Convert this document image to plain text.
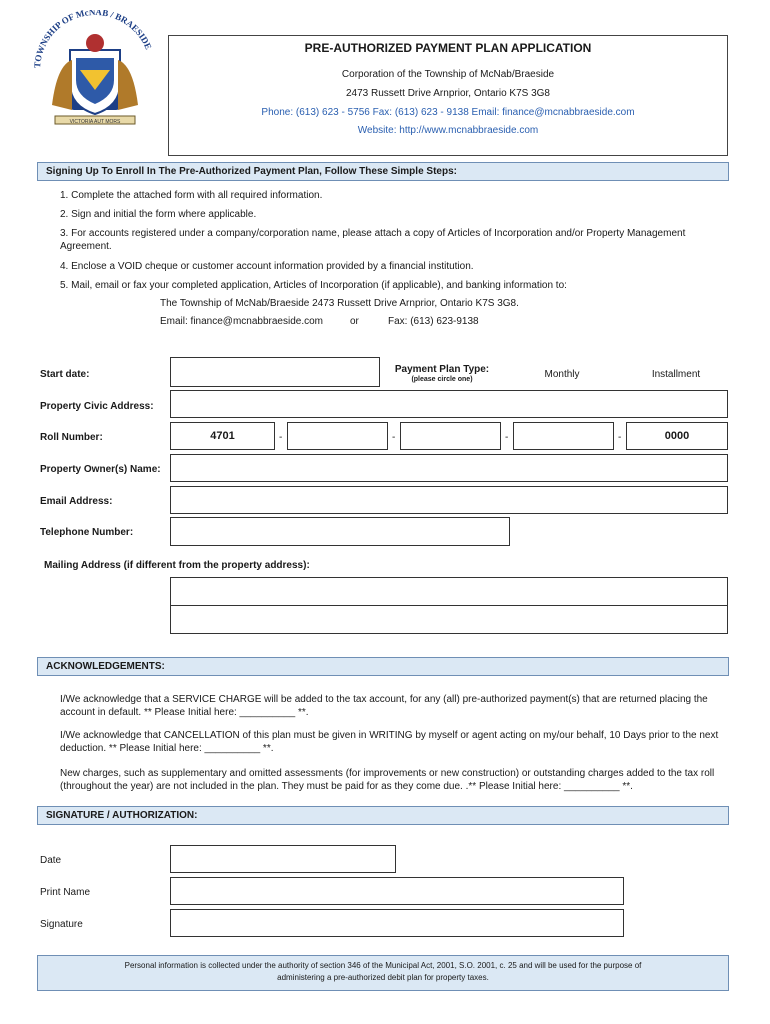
TOWNSHIP OF McNAB / BRAESIDE
VICTORIA AUT MORS
PRE-AUTHORIZED PAYMENT PLAN APPLICATION
Corporation of the Township of McNab/Braeside
2473 Russett Drive Arnprior, Ontario K7S 3G8
Phone: (613) 623 - 5756 Fax: (613) 623 - 9138 Email: finance@mcnabbraeside.com
Website: http://www.mcnabbraeside.com
Signing Up To Enroll In The Pre-Authorized Payment Plan, Follow These Simple Steps:
1. Complete the attached form with all required information.
2. Sign and initial the form where applicable.
3. For accounts registered under a company/corporation name, please attach a copy of Articles of Incorporation and/or Property Management Agreement.
4. Enclose a VOID cheque or customer account information provided by a financial institution.
5. Mail, email or fax your completed application, Articles of Incorporation (if applicable), and banking information to:
The Township of McNab/Braeside 2473 Russett Drive Arnprior, Ontario K7S 3G8.
Email: finance@mcnabbraeside.com	or	Fax: (613) 623-9138
Start date:	Payment Plan Type:
(please circle one)	Monthly	Installment
Property Civic Address:
Roll Number:	4701	-	-	-	-	0000
Property Owner(s) Name:
Email Address:
Telephone Number:
Mailing Address (if different from the property address):
ACKNOWLEDGEMENTS:
I/We acknowledge that a SERVICE CHARGE will be added to the tax account, for any (all) pre-authorized payment(s) that are returned placing the account in default. ** Please Initial here: __________ **.
I/We acknowledge that CANCELLATION of this plan must be given in WRITING by myself or agent acting on my/our behalf, 10 Days prior to the next deduction. ** Please Initial here: __________ **.
New charges, such as supplementary and omitted assessments (for improvements or new construction) or outstanding charges added to the tax roll (throughout the year) are not included in the plan. They must be paid for as they come due. .** Please Initial here: __________ **.
SIGNATURE / AUTHORIZATION:
Date
Print Name
Signature
Personal information is collected under the authority of section 346 of the Municipal Act, 2001, S.O. 2001, c. 25 and will be used for the purpose of
administering a pre-authorized debit plan for property taxes.
